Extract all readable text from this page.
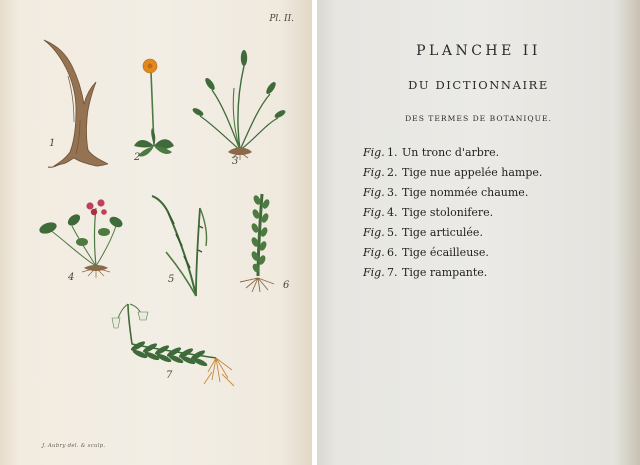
Pl. II.
1
2	3
4	5
6
7
J. Aubry del. & sculp.
PLANCHE II
DU DICTIONNAIRE
DES TERMES DE BOTANIQUE.
Fig. 1. Un tronc d'arbre.
Fig. 2. Tige nue appelée hampe.
Fig. 3. Tige nommée chaume.
Fig. 4. Tige stolonifere.
Fig. 5. Tige articulée.
Fig. 6. Tige écailleuse.
Fig. 7. Tige rampante.
